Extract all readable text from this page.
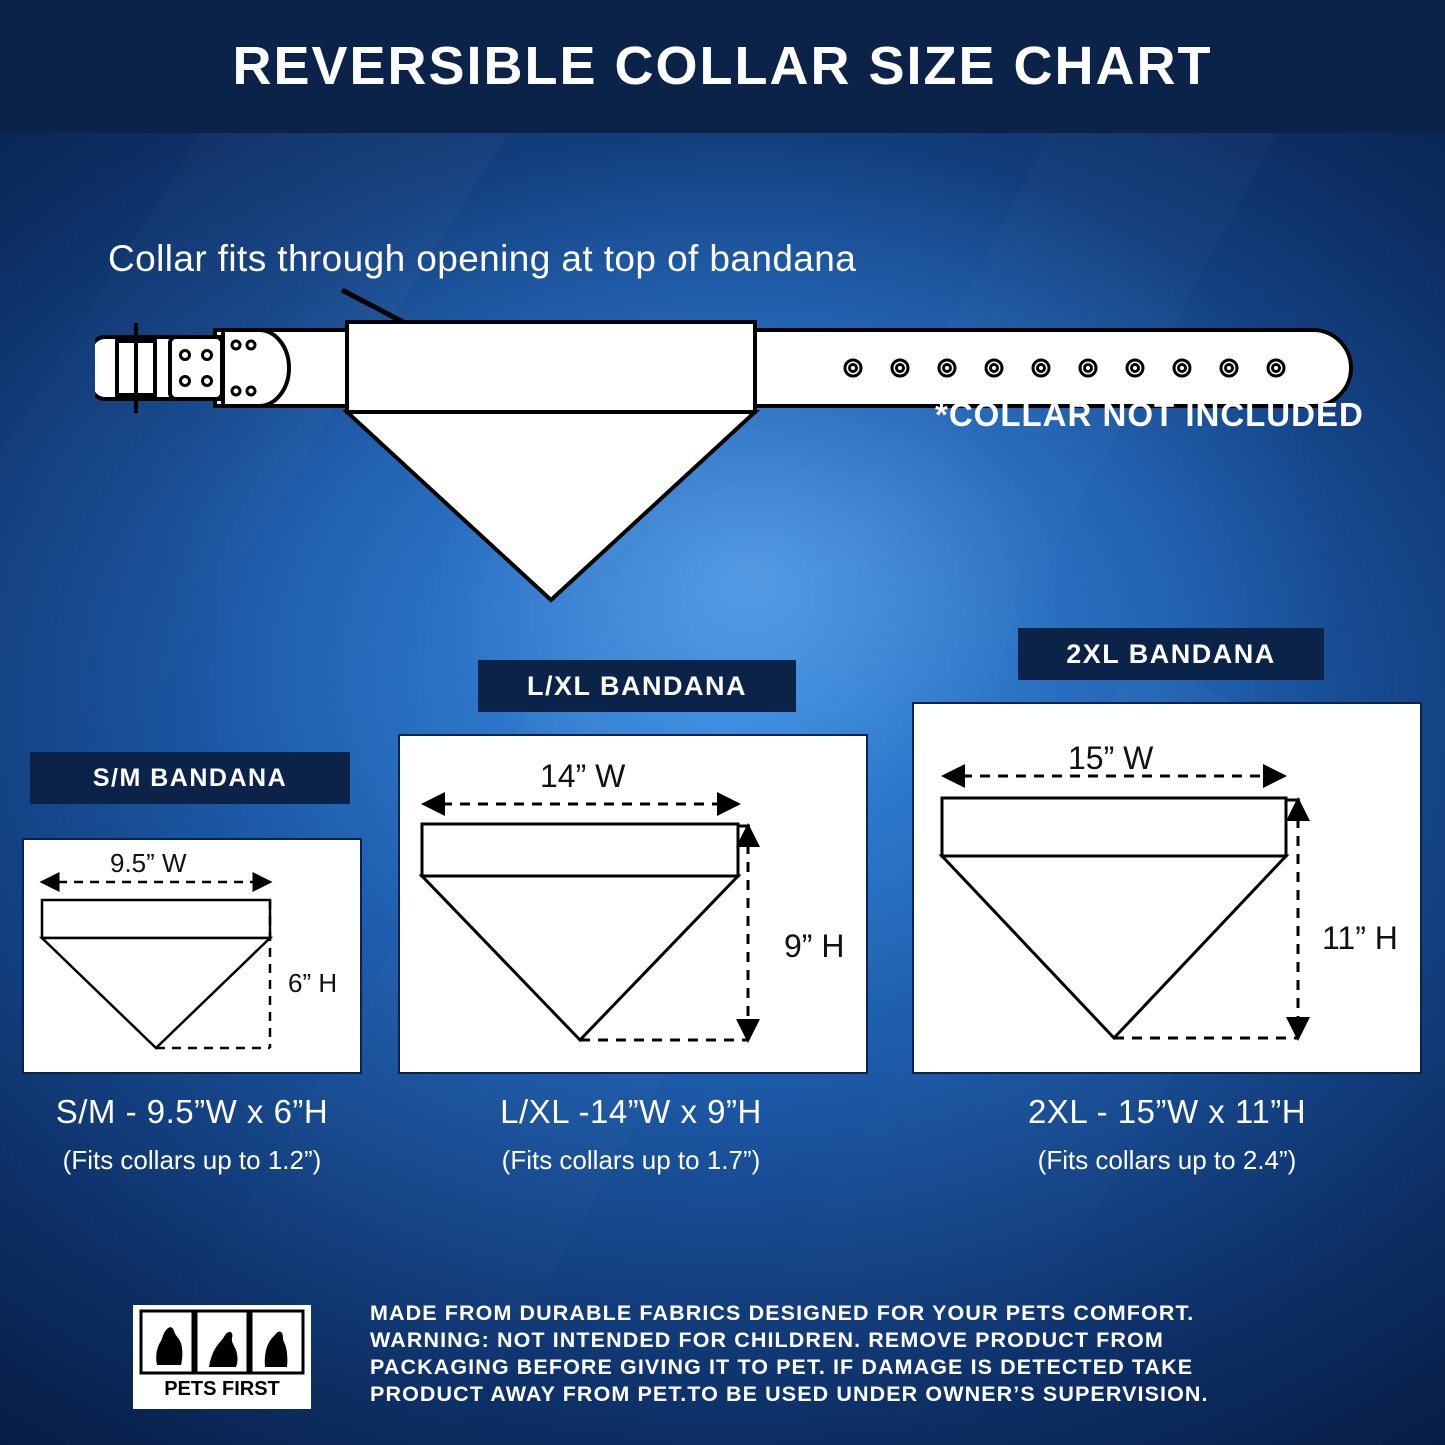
REVERSIBLE COLLAR SIZE CHART
Collar fits through opening at top of bandana
*COLLAR NOT INCLUDED
S/M BANDANA
9.5” W
6” H
S/M - 9.5”W x 6”H
(Fits collars up to 1.2”)
L/XL BANDANA
14” W
9” H
L/XL -14”W x 9”H
(Fits collars up to 1.7”)
2XL BANDANA
15” W
11” H
2XL - 15”W x 11”H
(Fits collars up to 2.4”)
PETS FIRST
MADE FROM DURABLE FABRICS DESIGNED FOR YOUR PETS COMFORT.
WARNING: NOT INTENDED FOR CHILDREN. REMOVE PRODUCT FROM
PACKAGING BEFORE GIVING IT TO PET. IF DAMAGE IS DETECTED TAKE
PRODUCT AWAY FROM PET.TO BE USED UNDER OWNER’S SUPERVISION.
